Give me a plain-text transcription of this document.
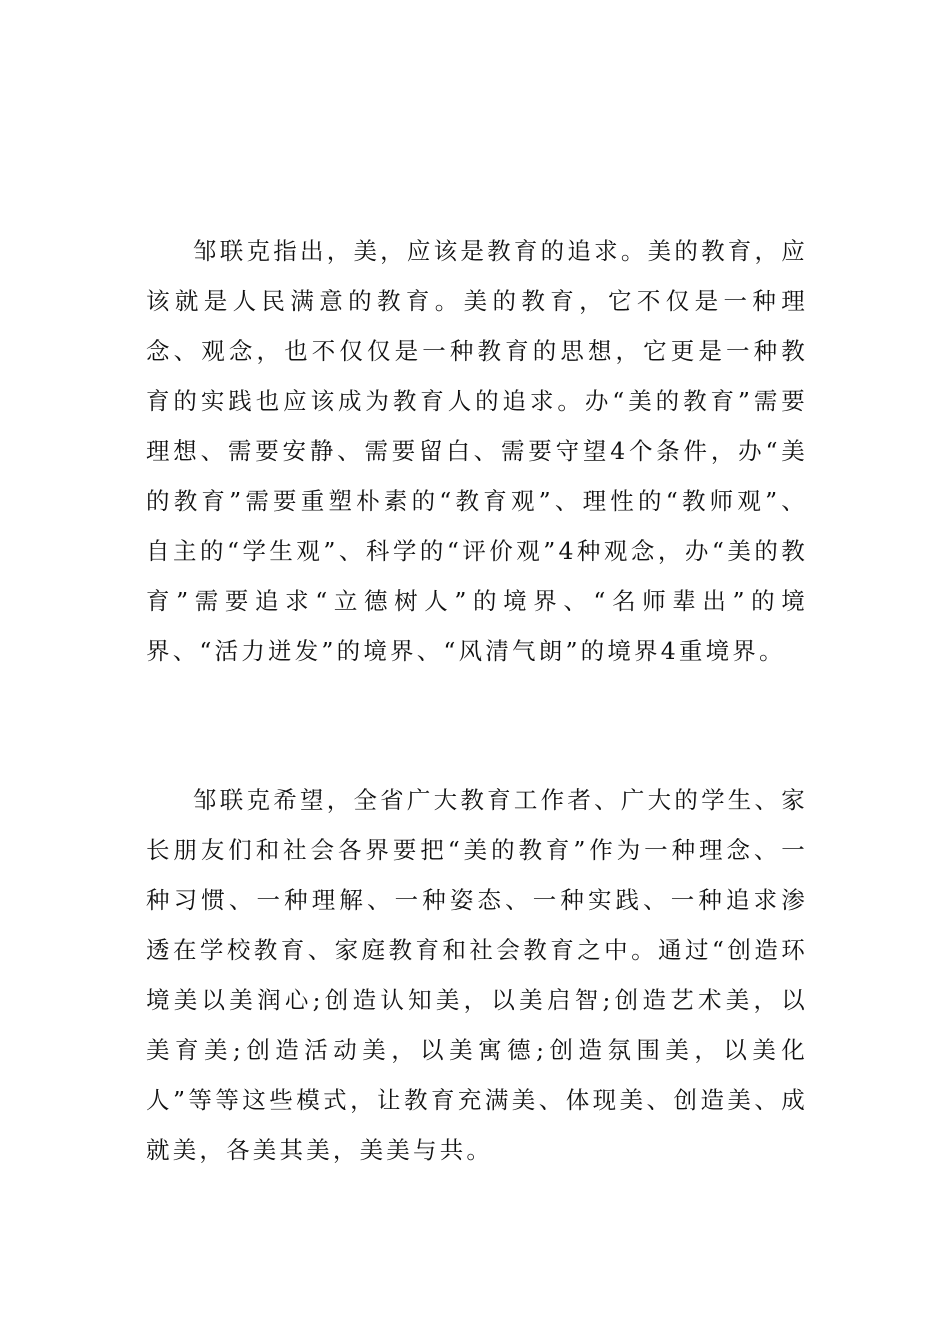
邹联克指出，美，应该是教育的追求。美的教育，应该就是人民满意的教育。美的教育，它不仅是一种理念、观念，也不仅仅是一种教育的思想，它更是一种教育的实践也应该成为教育人的追求。办“美的教育”需要理想、需要安静、需要留白、需要守望4个条件，办“美的教育”需要重塑朴素的“教育观”、理性的“教师观”、自主的“学生观”、科学的“评价观”4种观念，办“美的教育”需要追求“立德树人”的境界、“名师辈出”的境界、“活力迸发”的境界、“风清气朗”的境界4重境界。

邹联克希望，全省广大教育工作者、广大的学生、家长朋友们和社会各界要把“美的教育”作为一种理念、一种习惯、一种理解、一种姿态、一种实践、一种追求渗透在学校教育、家庭教育和社会教育之中。通过“创造环境美以美润心;创造认知美，以美启智;创造艺术美，以美育美;创造活动美，以美寓德;创造氛围美，以美化人”等等这些模式，让教育充满美、体现美、创造美、成就美，各美其美，美美与共。
